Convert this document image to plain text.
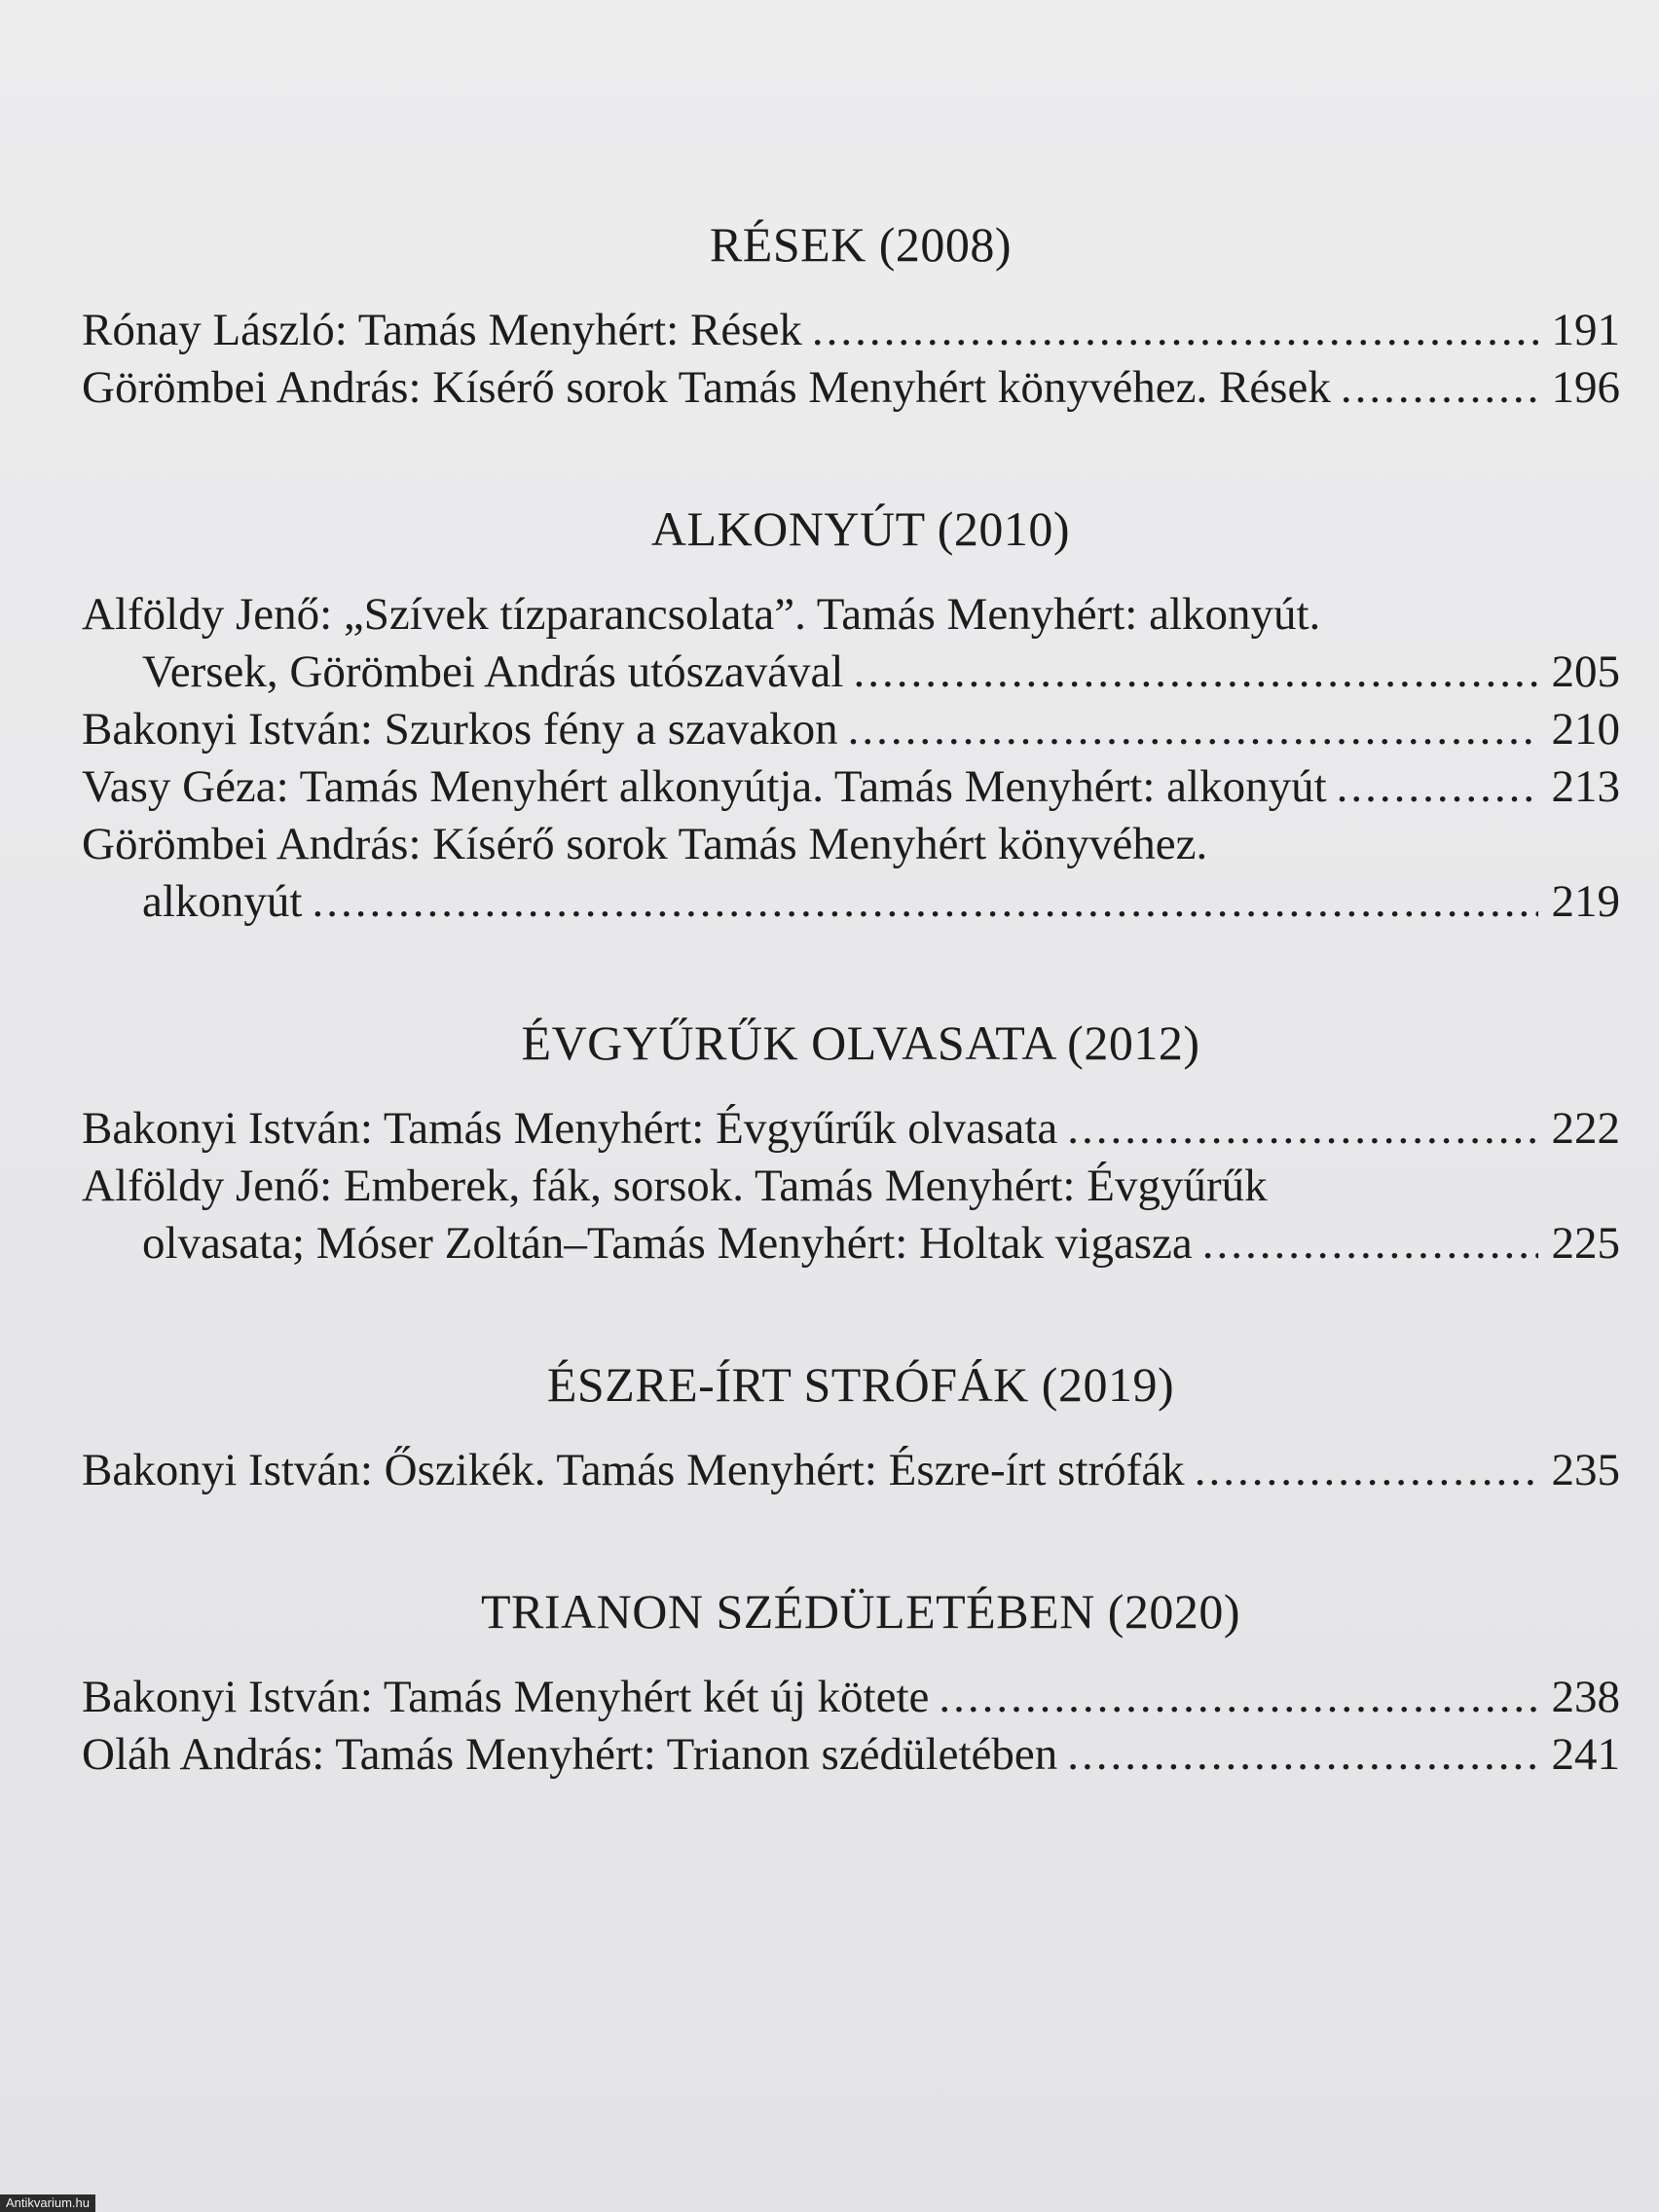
RÉSEK (2008)
Rónay László: Tamás Menyhért: Rések .....	191
Görömbei András: Kísérő sorok Tamás Menyhért könyvéhez. Rések .....	196
ALKONYÚT (2010)
Alföldy Jenő: „Szívek tízparancsolata”. Tamás Menyhért: alkonyút.
Versek, Görömbei András utószavával .....	205
Bakonyi István: Szurkos fény a szavakon .....	210
Vasy Géza: Tamás Menyhért alkonyútja. Tamás Menyhért: alkonyút .....	213
Görömbei András: Kísérő sorok Tamás Menyhért könyvéhez.
alkonyút .....	219
ÉVGYŰRŰK OLVASATA (2012)
Bakonyi István: Tamás Menyhért: Évgyűrűk olvasata .....	222
Alföldy Jenő: Emberek, fák, sorsok. Tamás Menyhért: Évgyűrűk
olvasata; Móser Zoltán–Tamás Menyhért: Holtak vigasza .....	225
ÉSZRE-ÍRT STRÓFÁK (2019)
Bakonyi István: Őszikék. Tamás Menyhért: Észre-írt strófák .....	235
TRIANON SZÉDÜLETÉBEN (2020)
Bakonyi István: Tamás Menyhért két új kötete .....	238
Oláh András: Tamás Menyhért: Trianon szédületében .....	241
Antikvarium.hu
